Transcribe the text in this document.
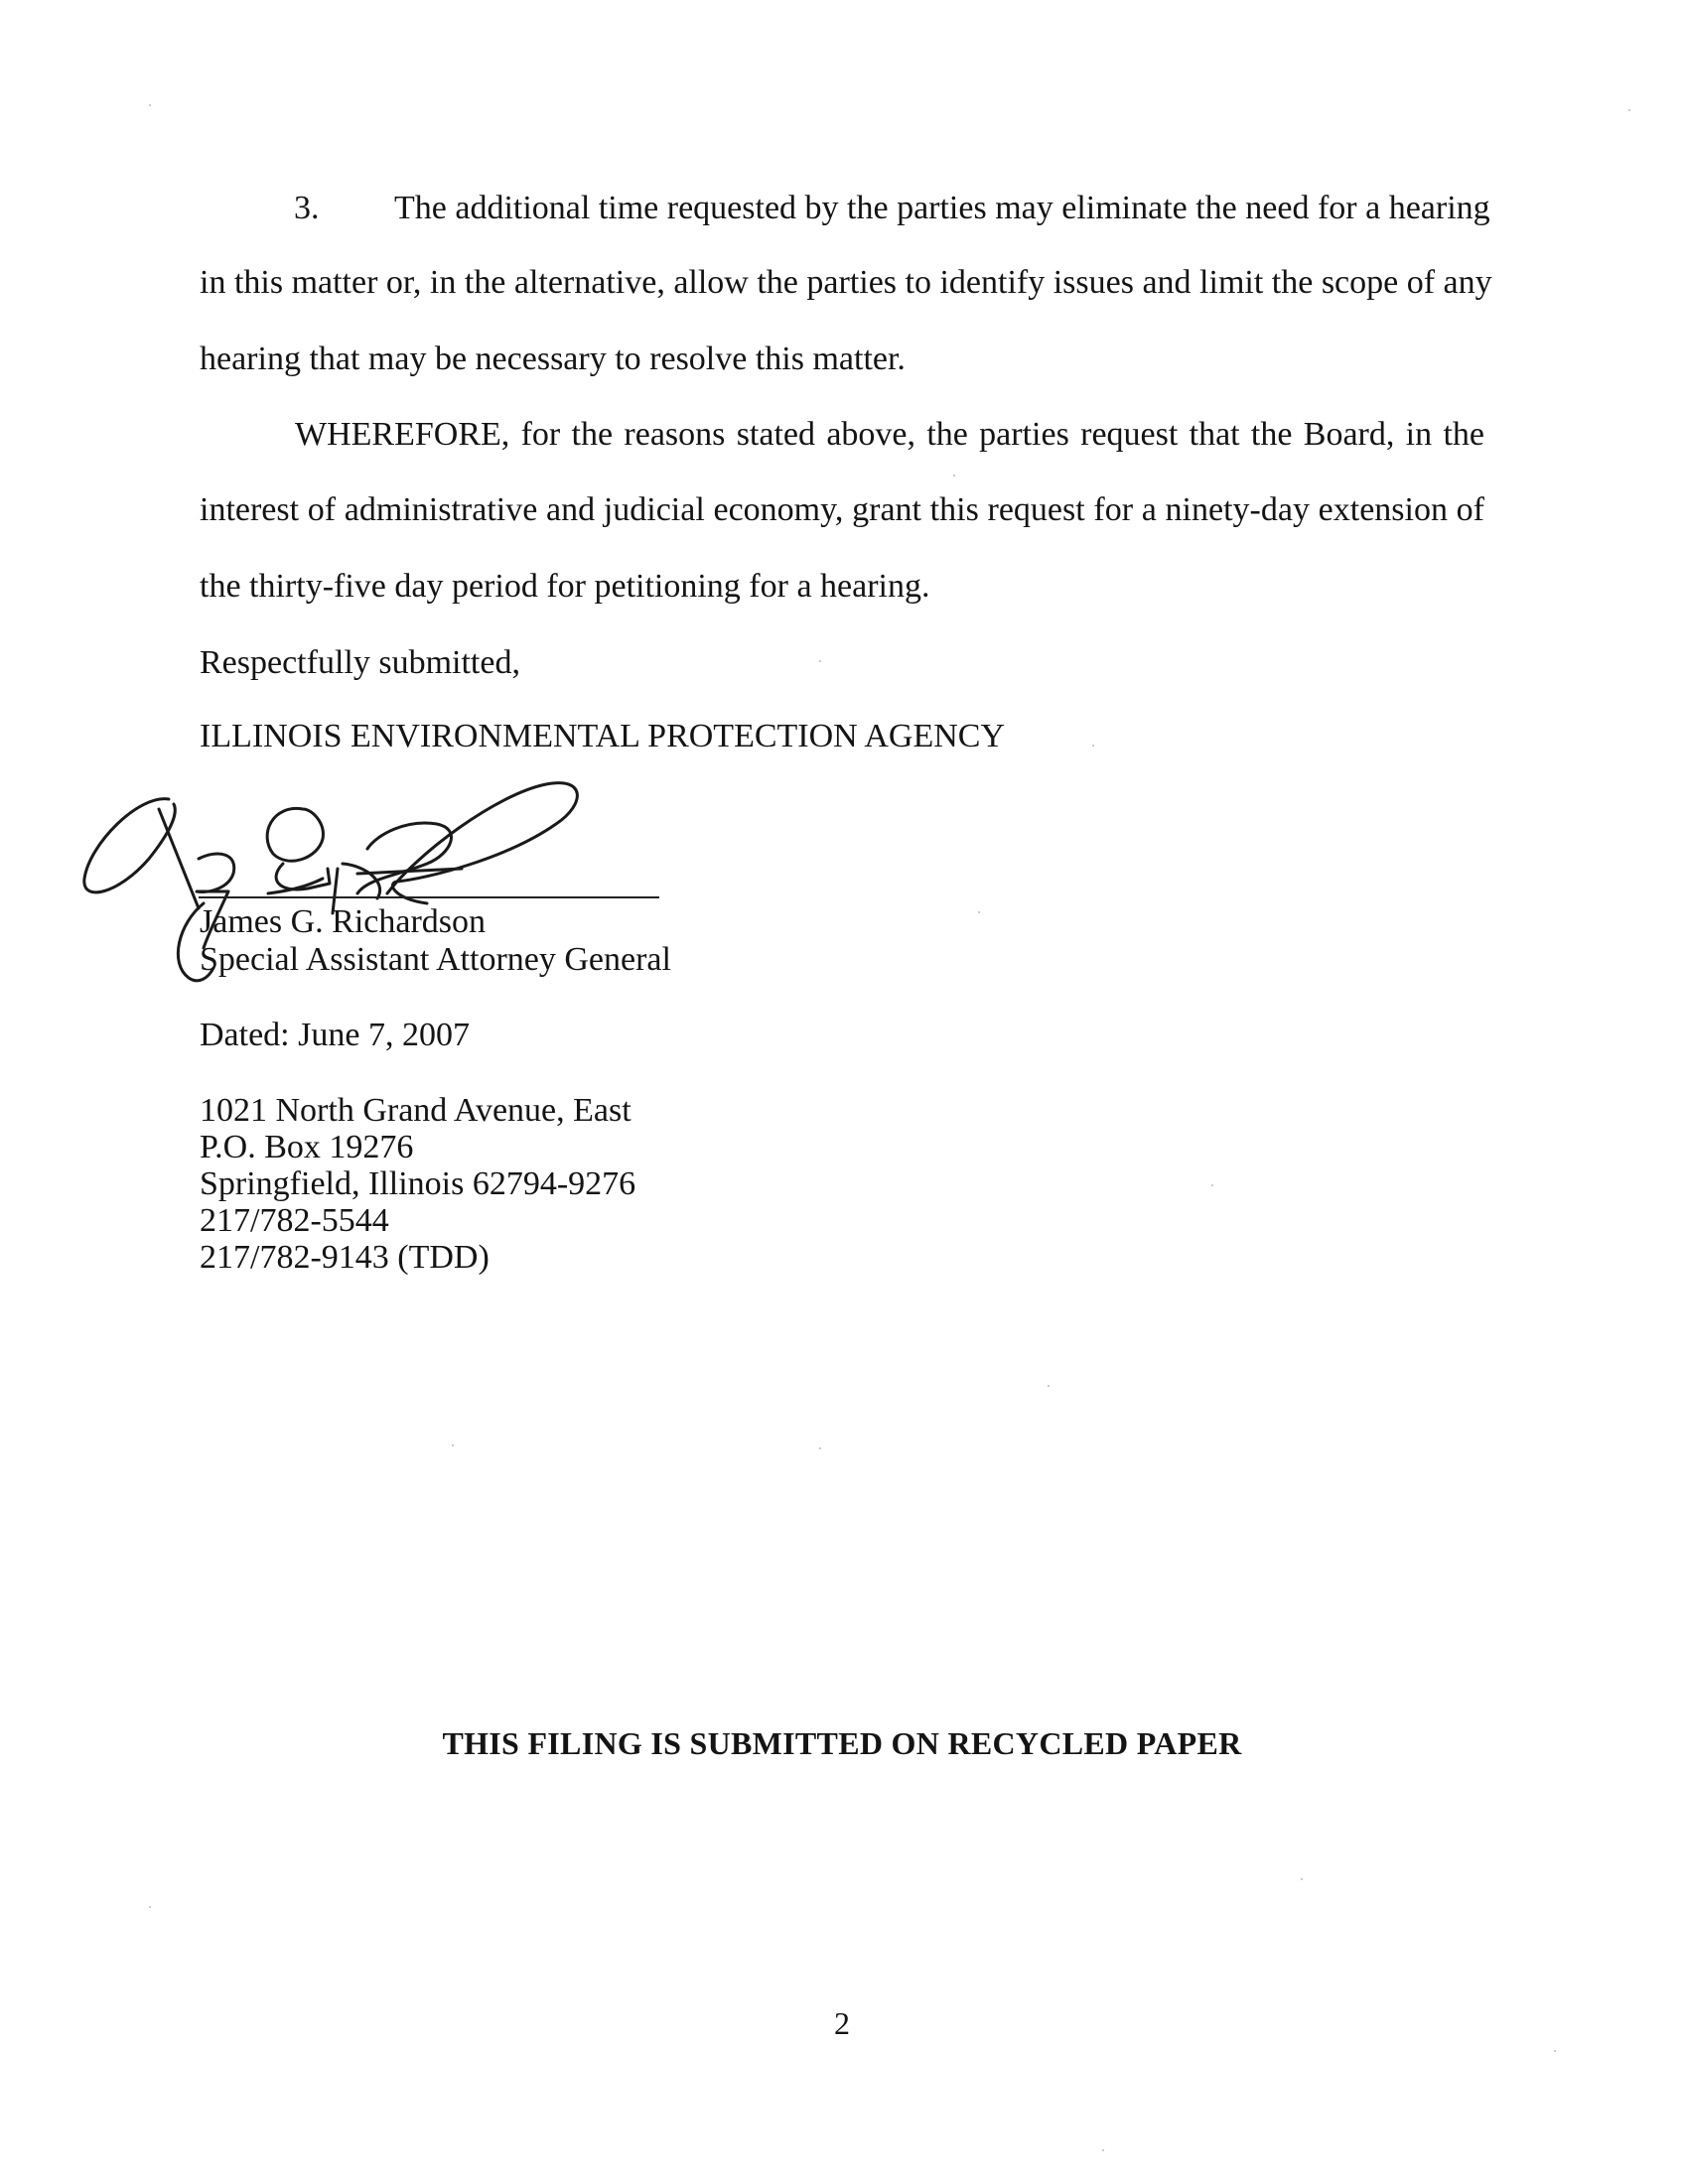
3. The additional time requested by the parties may eliminate the need for a hearing
in this matter or, in the alternative, allow the parties to identify issues and limit the scope of any
hearing that may be necessary to resolve this matter.
WHEREFORE, for the reasons stated above, the parties request that the Board, in the
interest of administrative and judicial economy, grant this request for a ninety-day extension of
the thirty-five day period for petitioning for a hearing.
Respectfully submitted,
ILLINOIS ENVIRONMENTAL PROTECTION AGENCY
James G. Richardson
Special Assistant Attorney General
Dated: June 7, 2007
1021 North Grand Avenue, East
P.O. Box 19276
Springfield, Illinois 62794-9276
217/782-5544
217/782-9143 (TDD)
THIS FILING IS SUBMITTED ON RECYCLED PAPER
2
